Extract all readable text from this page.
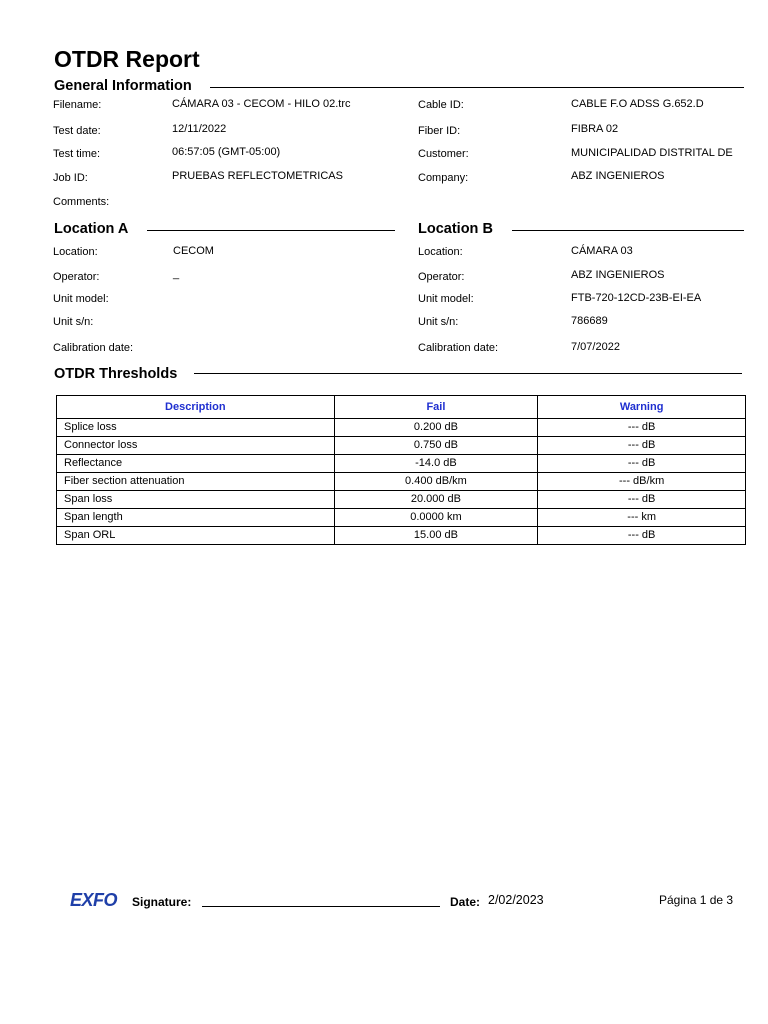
OTDR Report
General Information
Filename:	CÁMARA 03 - CECOM - HILO 02.trc	Cable ID:	CABLE F.O ADSS G.652.D
Test date:	12/11/2022	Fiber ID:	FIBRA 02
Test time:	06:57:05 (GMT-05:00)	Customer:	MUNICIPALIDAD DISTRITAL DE
Job ID:	PRUEBAS REFLECTOMETRICAS	Company:	ABZ INGENIEROS
Comments:
Location A
Location:	CECOM
Operator:	_
Unit model:
Unit s/n:
Calibration date:
Location B
Location:	CÁMARA 03
Operator:	ABZ INGENIEROS
Unit model:	FTB-720-12CD-23B-EI-EA
Unit s/n:	786689
Calibration date:	7/07/2022
OTDR Thresholds
Description	Fail	Warning
Splice loss	0.200 dB	--- dB
Connector loss	0.750 dB	--- dB
Reflectance	-14.0 dB	--- dB
Fiber section attenuation	0.400 dB/km	--- dB/km
Span loss	20.000 dB	--- dB
Span length	0.0000 km	--- km
Span ORL	15.00 dB	--- dB
EXFO Signature:	Date: 2/02/2023	Página 1 de 3
